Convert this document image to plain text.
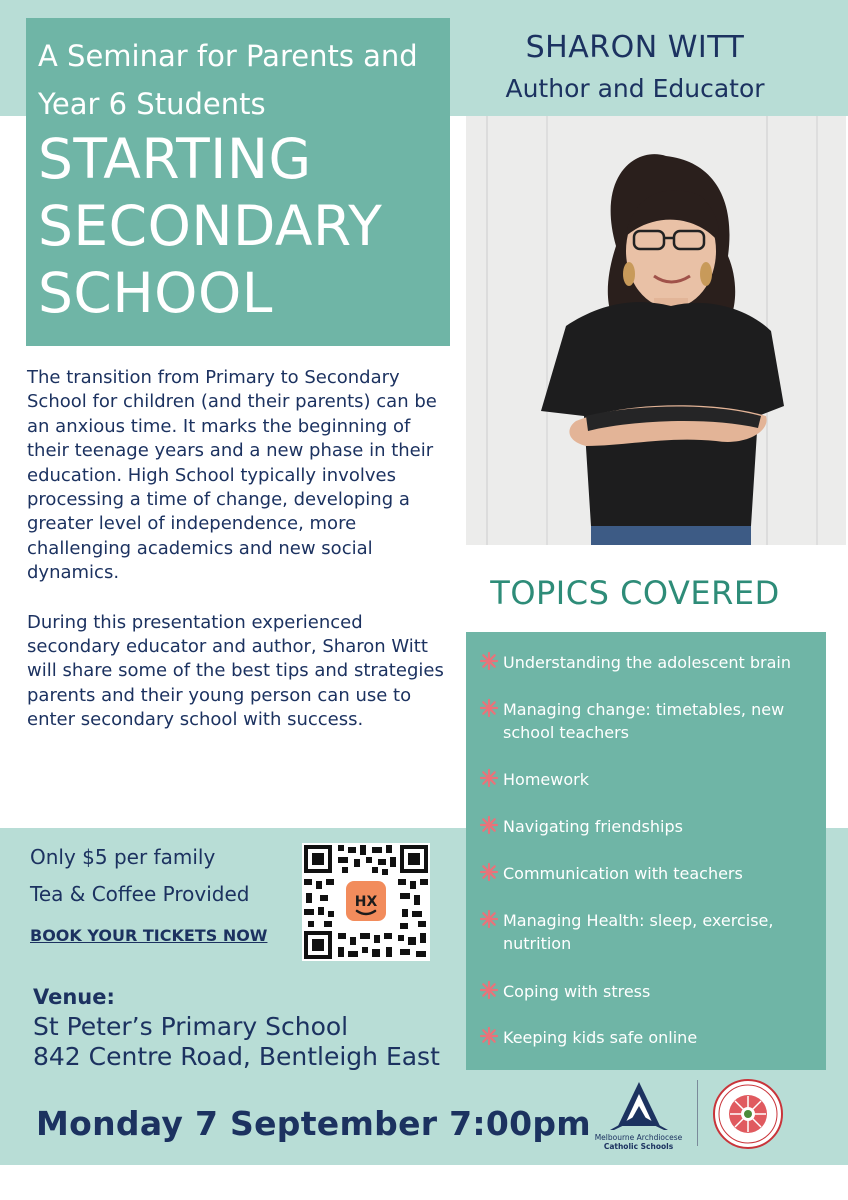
A Seminar for Parents and Year 6 Students
STARTING
SECONDARY
SCHOOL
SHARON WITT
Author and Educator

The transition from Primary to Secondary School for children (and their parents) can be an anxious time. It marks the beginning of their teenage years and a new phase in their education. High School typically involves processing a time of change, developing a greater level of independence, more challenging academics and new social dynamics.

During this presentation experienced secondary educator and author, Sharon Witt will share some of the best tips and strategies parents and their young person can use to enter secondary school with success.

TOPICS COVERED
Understanding the adolescent brain
Managing change: timetables, new school teachers
Homework
Navigating friendships
Communication with teachers
Managing Health: sleep, exercise, nutrition
Coping with stress
Keeping kids safe online
Only $5 per family
Tea & Coffee Provided
BOOK YOUR TICKETS NOW
HX
Venue:
St Peter’s Primary School
842 Centre Road, Bentleigh East
Monday 7 September 7:00pm Melbourne Archdiocese
Catholic Schools
